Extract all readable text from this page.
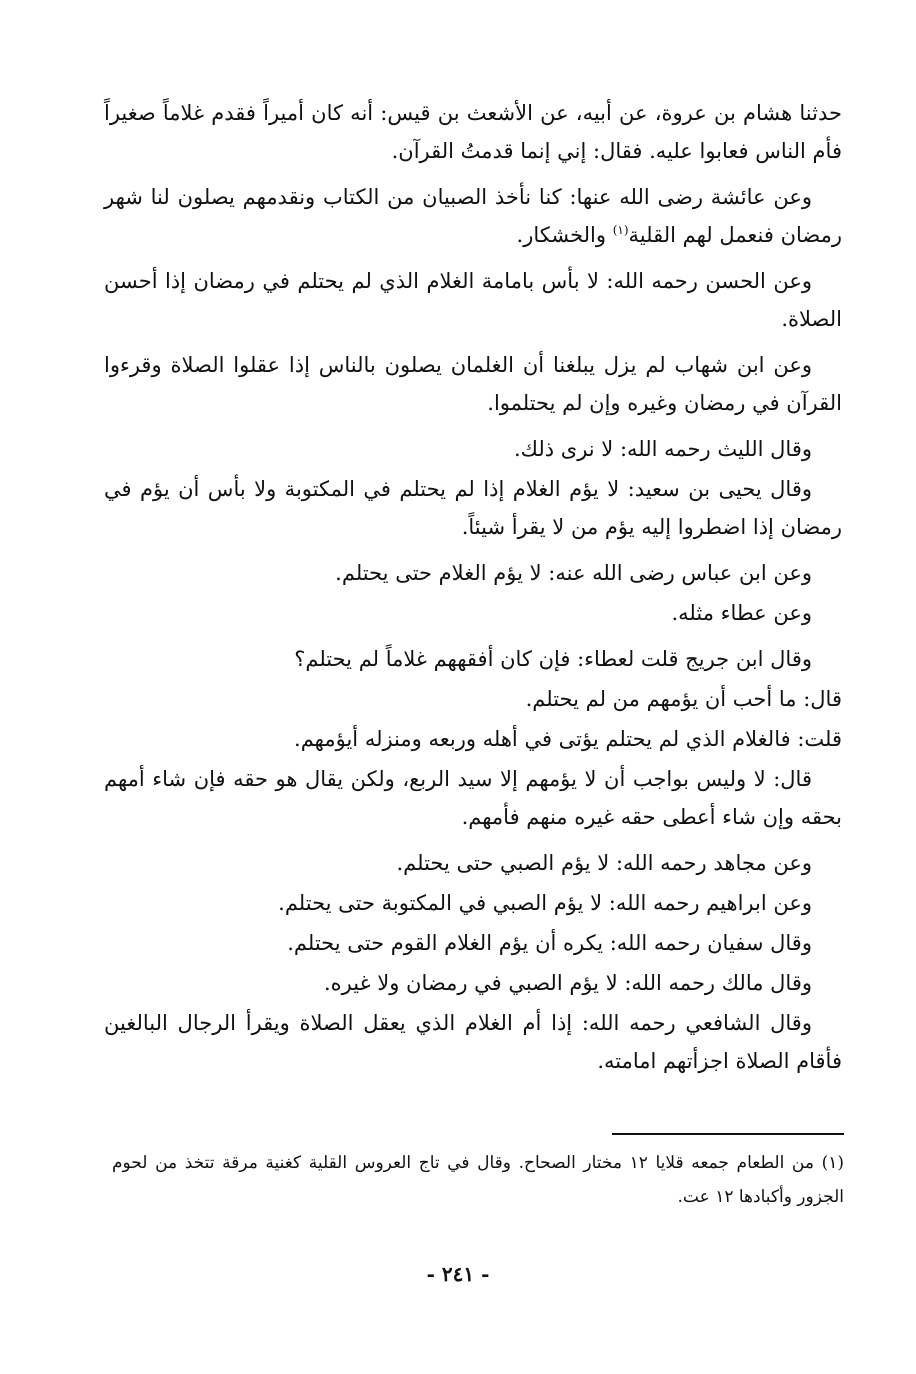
حدثنا هشام بن عروة، عن أبيه، عن الأشعث بن قيس: أنه كان أميراً فقدم غلاماً صغيراً فأم الناس فعابوا عليه. فقال: إني إنما قدمتُ القرآن.

وعن عائشة رضى الله عنها: كنا نأخذ الصبيان من الكتاب ونقدمهم يصلون لنا شهر رمضان فنعمل لهم القلية$^{(١)}$ والخشكار.

وعن الحسن رحمه الله: لا بأس بامامة الغلام الذي لم يحتلم في رمضان إذا أحسن الصلاة.

وعن ابن شهاب لم يزل يبلغنا أن الغلمان يصلون بالناس إذا عقلوا الصلاة وقرءوا القرآن في رمضان وغيره وإن لم يحتلموا.

وقال الليث رحمه الله: لا نرى ذلك.

وقال يحيى بن سعيد: لا يؤم الغلام إذا لم يحتلم في المكتوبة ولا بأس أن يؤم في رمضان إذا اضطروا إليه يؤم من لا يقرأ شيئاً.

وعن ابن عباس رضى الله عنه: لا يؤم الغلام حتى يحتلم.

وعن عطاء مثله.

وقال ابن جريج قلت لعطاء: فإن كان أفقههم غلاماً لم يحتلم؟

قال: ما أحب أن يؤمهم من لم يحتلم.

قلت: فالغلام الذي لم يحتلم يؤتى في أهله وربعه ومنزله أيؤمهم.

قال: لا وليس بواجب أن لا يؤمهم إلا سيد الربع، ولكن يقال هو حقه فإن شاء أمهم بحقه وإن شاء أعطى حقه غيره منهم فأمهم.

وعن مجاهد رحمه الله: لا يؤم الصبي حتى يحتلم.

وعن ابراهيم رحمه الله: لا يؤم الصبي في المكتوبة حتى يحتلم.

وقال سفيان رحمه الله: يكره أن يؤم الغلام القوم حتى يحتلم.

وقال مالك رحمه الله: لا يؤم الصبي في رمضان ولا غيره.

وقال الشافعي رحمه الله: إذا أم الغلام الذي يعقل الصلاة ويقرأ الرجال البالغين فأقام الصلاة اجزأتهم امامته.

(١) من الطعام جمعه قلايا ١٢ مختار الصحاح. وقال في تاج العروس القلية كغنية مرقة تتخذ من لحوم الجزور وأكبادها ١٢ عت.

- ٢٤١ -
